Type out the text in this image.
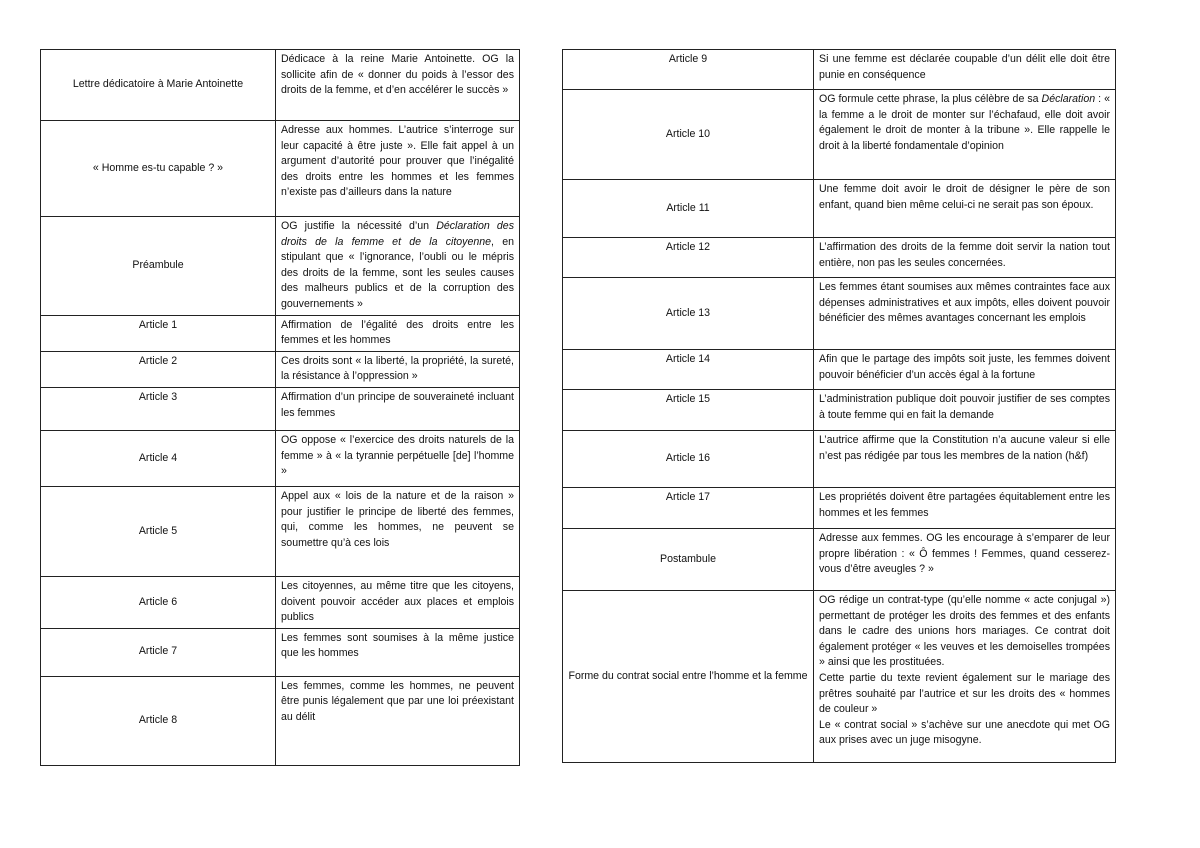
Lettre dédicatoire à Marie Antoinette	Dédicace à la reine Marie Antoinette. OG la sollicite afin de « donner du poids à l’essor des droits de la femme, et d’en accélérer le succès »
« Homme es-tu capable ? »	Adresse aux hommes. L’autrice s’interroge sur leur capacité à être juste ». Elle fait appel à un argument d’autorité pour prouver que l’inégalité des droits entre les hommes et les femmes n’existe pas d’ailleurs dans la nature
Préambule	OG justifie la nécessité d’un Déclaration des droits de la femme et de la citoyenne, en stipulant que « l’ignorance, l’oubli ou le mépris des droits de la femme, sont les seules causes des malheurs publics et de la corruption des gouvernements »
Article 1	Affirmation de l’égalité des droits entre les femmes et les hommes
Article 2	Ces droits sont « la liberté, la propriété, la sureté, la résistance à l’oppression »
Article 3	Affirmation d’un principe de souveraineté incluant les femmes
Article 4	OG oppose « l’exercice des droits naturels de la femme » à « la tyrannie perpétuelle [de] l’homme »
Article 5	Appel aux « lois de la nature et de la raison » pour justifier le principe de liberté des femmes, qui, comme les hommes, ne peuvent se soumettre qu’à ces lois
Article 6	Les citoyennes, au même titre que les citoyens, doivent pouvoir accéder aux places et emplois publics
Article 7	Les femmes sont soumises à la même justice que les hommes
Article 8	Les femmes, comme les hommes, ne peuvent être punis légalement que par une loi préexistant au délit
Article 9	Si une femme est déclarée coupable d’un délit elle doit être punie en conséquence
Article 10	OG formule cette phrase, la plus célèbre de sa Déclaration : « la femme a le droit de monter sur l’échafaud, elle doit avoir également le droit de monter à la tribune ». Elle rappelle le droit à la liberté fondamentale d’opinion
Article 11	Une femme doit avoir le droit de désigner le père de son enfant, quand bien même celui-ci ne serait pas son époux.
Article 12	L’affirmation des droits de la femme doit servir la nation tout entière, non pas les seules concernées.
Article 13	Les femmes étant soumises aux mêmes contraintes face aux dépenses administratives et aux impôts, elles doivent pouvoir bénéficier des mêmes avantages concernant les emplois
Article 14	Afin que le partage des impôts soit juste, les femmes doivent pouvoir bénéficier d’un accès égal à la fortune
Article 15	L’administration publique doit pouvoir justifier de ses comptes à toute femme qui en fait la demande
Article 16	L’autrice affirme que la Constitution n’a aucune valeur si elle n’est pas rédigée par tous les membres de la nation (h&f)
Article 17	Les propriétés doivent être partagées équitablement entre les hommes et les femmes
Postambule	Adresse aux femmes. OG les encourage à s’emparer de leur propre libération : « Ô femmes ! Femmes, quand cesserez-vous d’être aveugles ? »
Forme du contrat social entre l’homme et la femme	OG rédige un contrat-type (qu’elle nomme « acte conjugal ») permettant de protéger les droits des femmes et des enfants dans le cadre des unions hors mariages. Ce contrat doit également protéger « les veuves et les demoiselles trompées » ainsi que les prostituées.
Cette partie du texte revient également sur le mariage des prêtres souhaité par l’autrice et sur les droits des « hommes de couleur »
Le « contrat social » s’achève sur une anecdote qui met OG aux prises avec un juge misogyne.
